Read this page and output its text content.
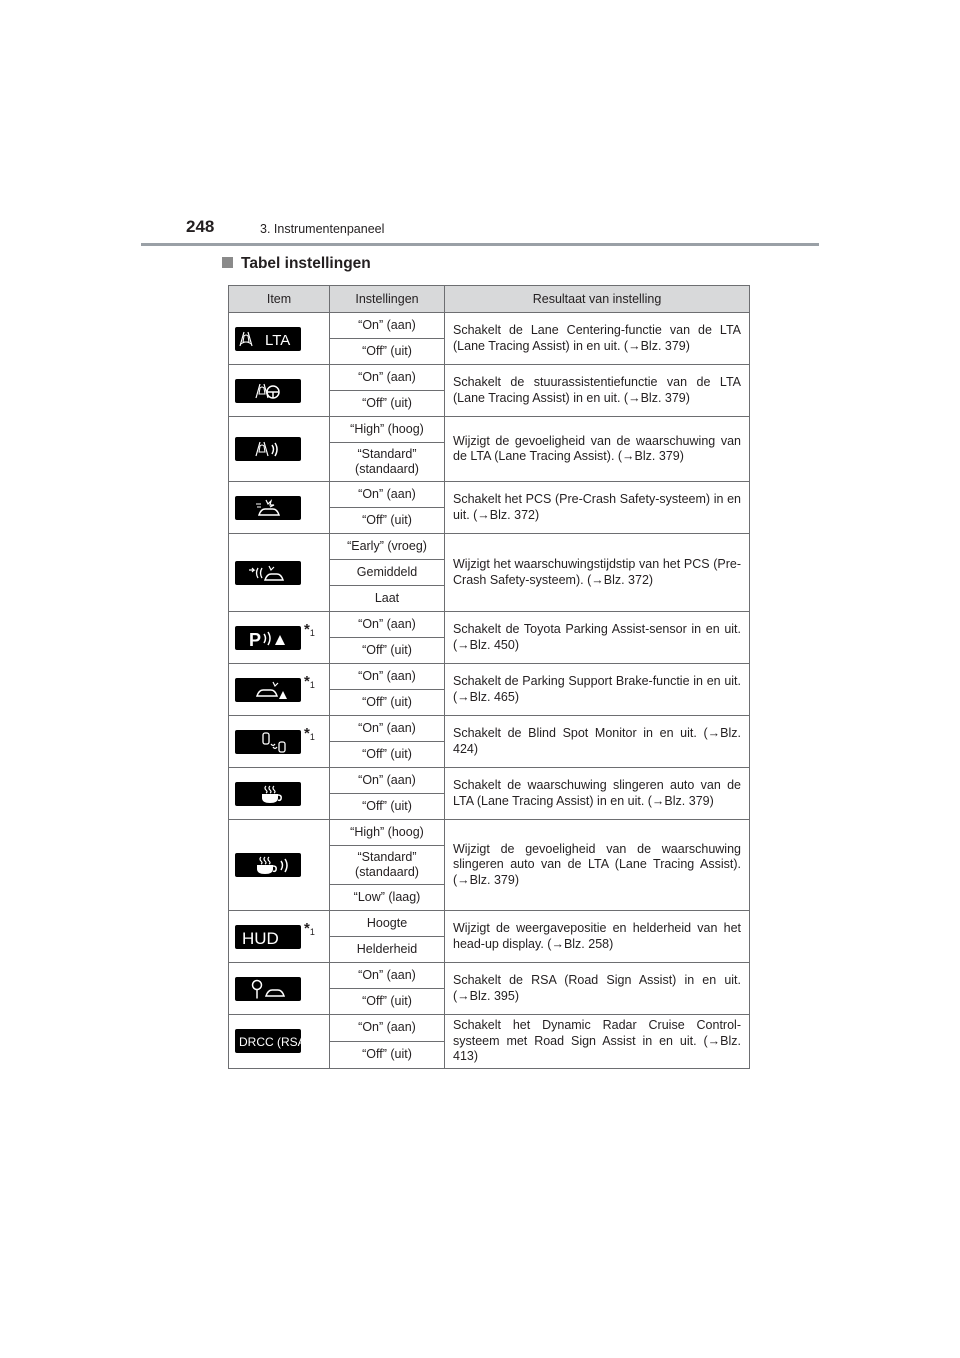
248	3. Instrumentenpaneel
Tabel instellingen
Item	Instellingen	Resultaat van instelling

LTA	“On” (aan)	Schakelt de Lane Centering-functie van de LTA (Lane Tracing Assist) in en uit. (→Blz. 379)
	“Off” (uit)	

	“On” (aan)	Schakelt de stuurassistentiefunctie van de LTA (Lane Tracing Assist) in en uit. (→Blz. 379)
	“Off” (uit)	

	“High” (hoog)	Wijzigt de gevoeligheid van de waarschuwing van de LTA (Lane Tracing Assist). (→Blz. 379)
	“Standard” (standaard)	

	“On” (aan)	Schakelt het PCS (Pre-Crash Safety-systeem) in en uit. (→Blz. 372)
	“Off” (uit)	

	“Early” (vroeg)	Wijzigt het waarschuwingstijdstip van het PCS (Pre-Crash Safety-systeem). (→Blz. 372)
	Gemiddeld	
	Laat	

P $*_1$	“On” (aan)	Schakelt de Toyota Parking Assist-sensor in en uit. (→Blz. 450)
	“Off” (uit)	

$*_1$	“On” (aan)	Schakelt de Parking Support Brake-functie in en uit. (→Blz. 465)
	“Off” (uit)	

$*_1$	“On” (aan)	Schakelt de Blind Spot Monitor in en uit. (→Blz. 424)
	“Off” (uit)	

	“On” (aan)	Schakelt de waarschuwing slingeren auto van de LTA (Lane Tracing Assist) in en uit. (→Blz. 379)
	“Off” (uit)	

	“High” (hoog)	Wijzigt de gevoeligheid van de waarschuwing slingeren auto van de LTA (Lane Tracing Assist). (→Blz. 379)
	“Standard” (standaard)	
	“Low” (laag)	

HUD $*_1$	Hoogte	Wijzigt de weergavepositie en helderheid van het head-up display. (→Blz. 258)
	Helderheid	

	“On” (aan)	Schakelt de RSA (Road Sign Assist) in en uit. (→Blz. 395)
	“Off” (uit)	

DRCC (RSA)	“On” (aan)	Schakelt het Dynamic Radar Cruise Control-systeem met Road Sign Assist in en uit. (→Blz. 413)
	“Off” (uit)	
